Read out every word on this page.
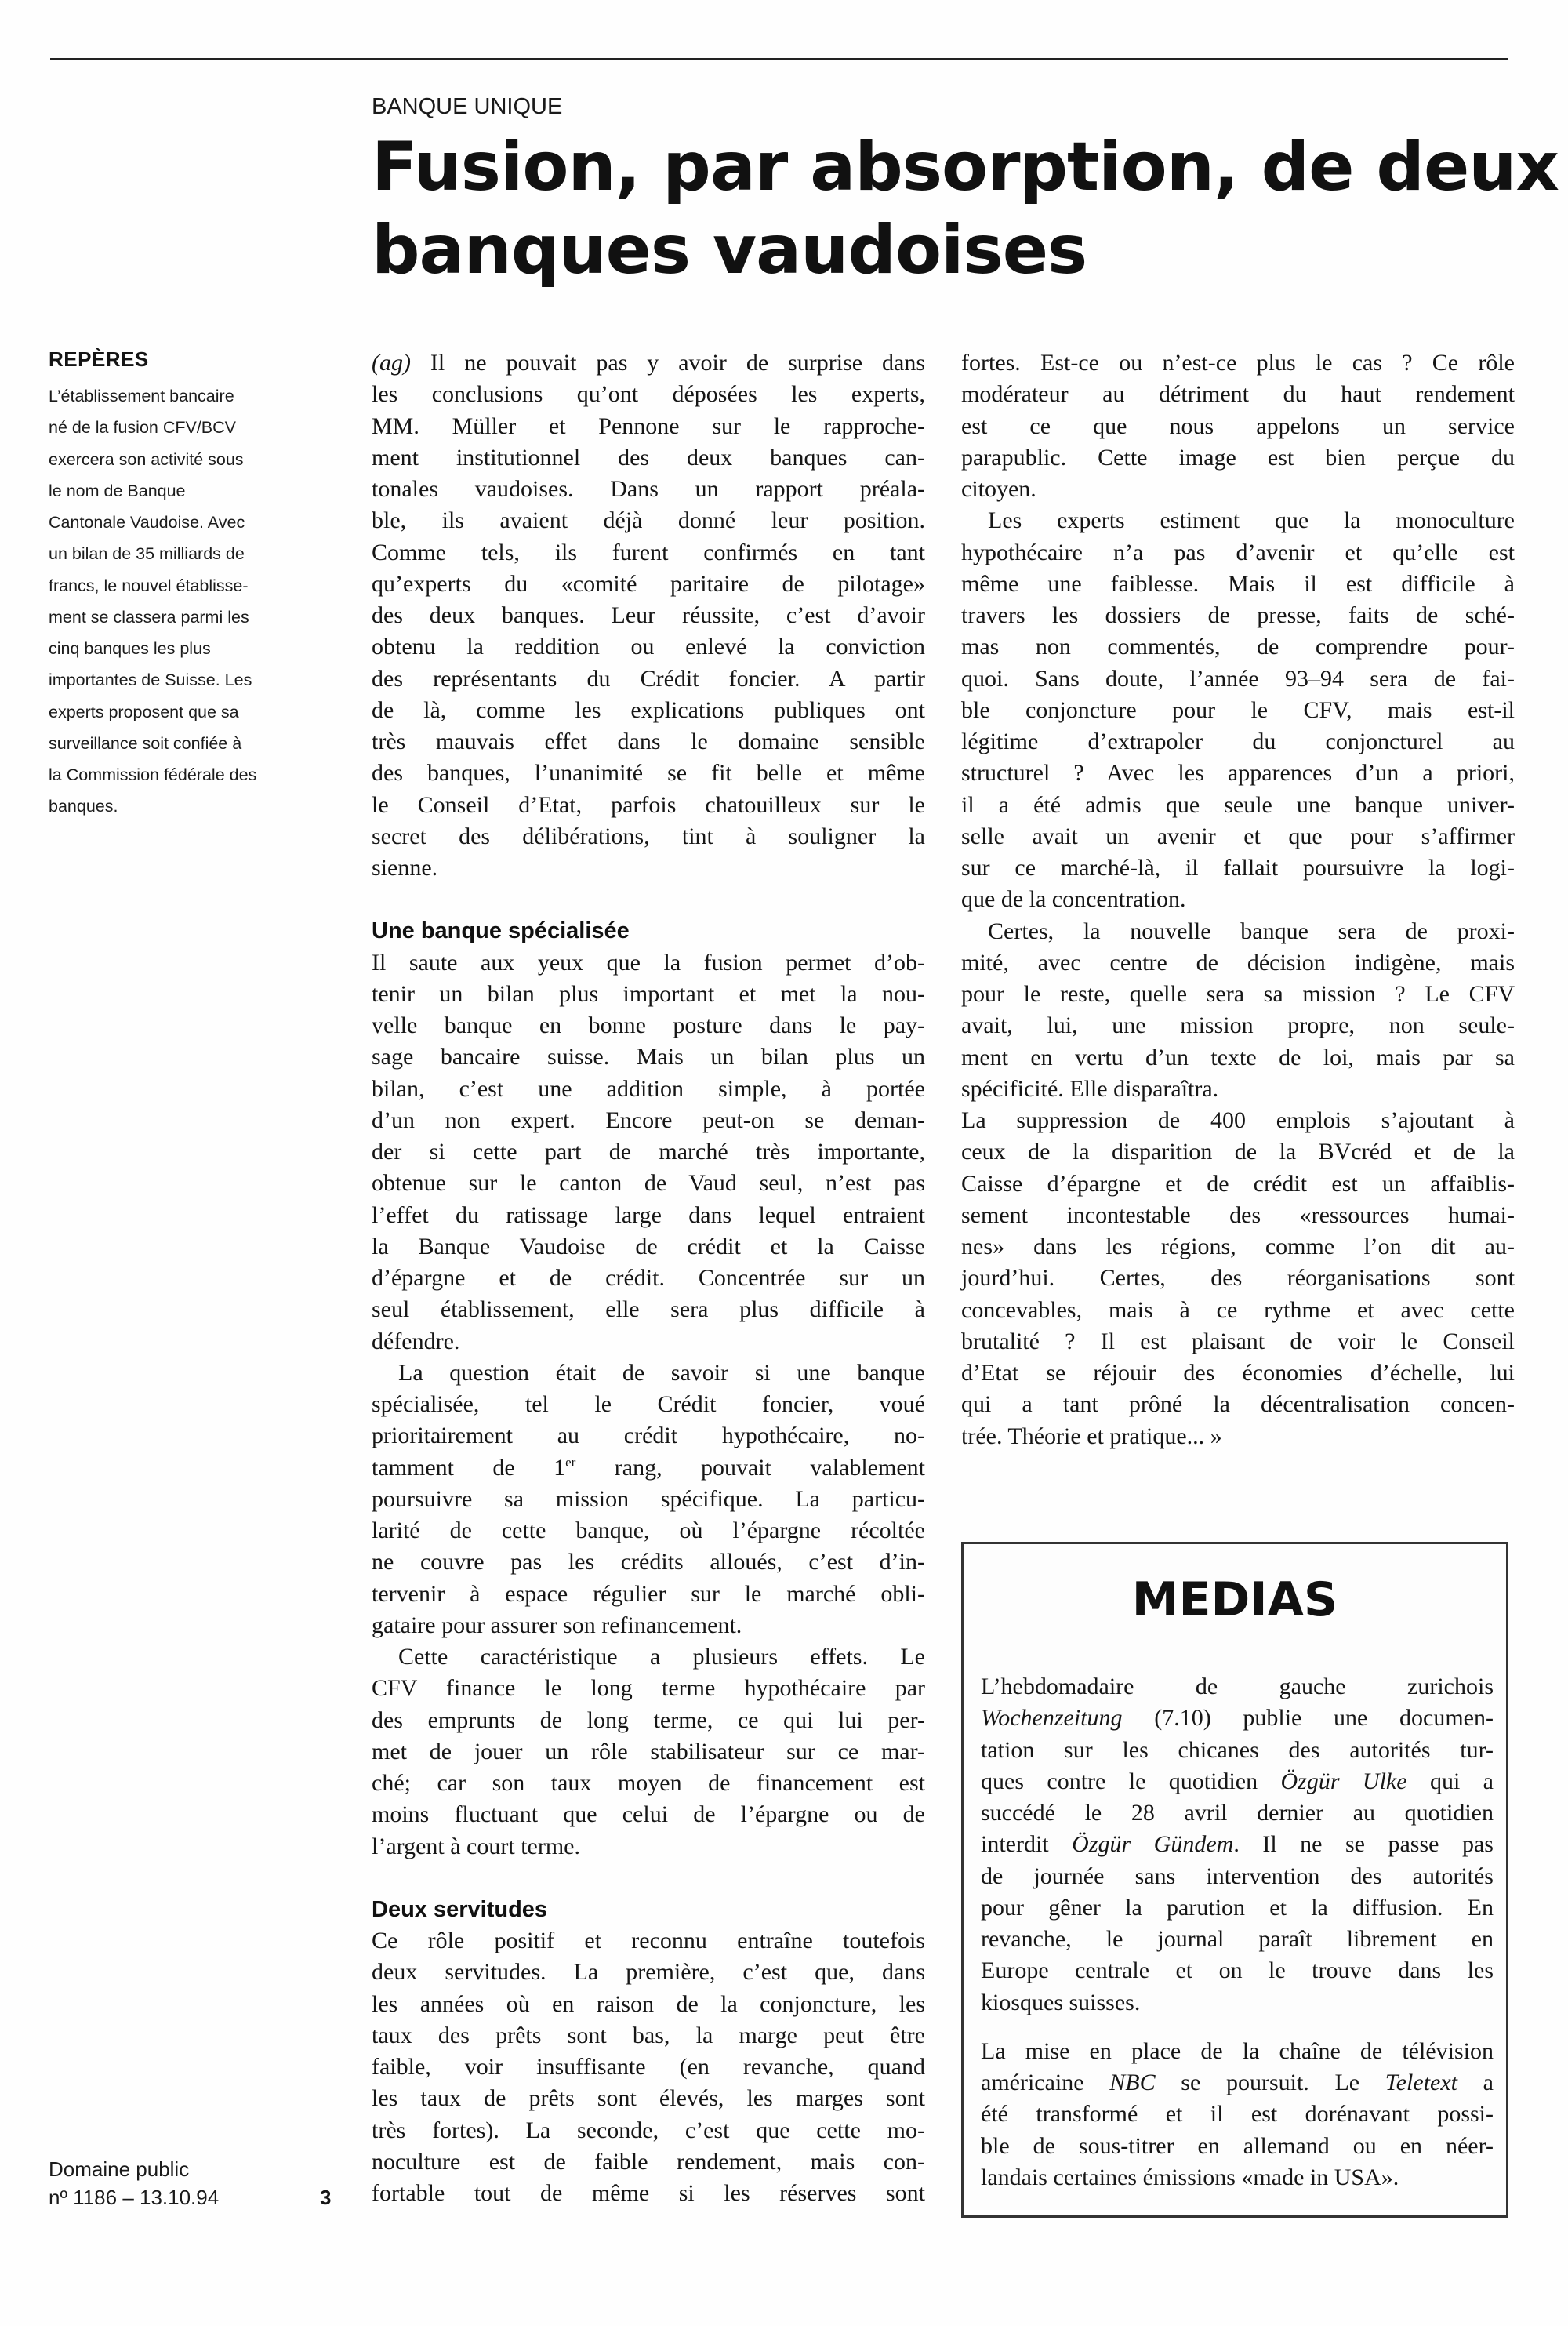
BANQUE UNIQUE
Fusion, par absorption, de deux
banques vaudoises
REPÈRES
L’établissement bancaire
né de la fusion CFV/BCV
exercera son activité sous
le nom de Banque
Cantonale Vaudoise. Avec
un bilan de 35 milliards de
francs, le nouvel établisse-
ment se classera parmi les
cinq banques les plus
importantes de Suisse. Les
experts proposent que sa
surveillance soit confiée à
la Commission fédérale des
banques.
(ag) Il ne pouvait pas y avoir de surprise dans
les conclusions qu’ont déposées les experts,
MM. Müller et Pennone sur le rapproche-
ment institutionnel des deux banques can-
tonales vaudoises. Dans un rapport préala-
ble, ils avaient déjà donné leur position.
Comme tels, ils furent confirmés en tant
qu’experts du «comité paritaire de pilotage»
des deux banques. Leur réussite, c’est d’avoir
obtenu la reddition ou enlevé la conviction
des représentants du Crédit foncier. A partir
de là, comme les explications publiques ont
très mauvais effet dans le domaine sensible
des banques, l’unanimité se fit belle et même
le Conseil d’Etat, parfois chatouilleux sur le
secret des délibérations, tint à souligner la
sienne.
Une banque spécialisée
Il saute aux yeux que la fusion permet d’ob-
tenir un bilan plus important et met la nou-
velle banque en bonne posture dans le pay-
sage bancaire suisse. Mais un bilan plus un
bilan, c’est une addition simple, à portée
d’un non expert. Encore peut-on se deman-
der si cette part de marché très importante,
obtenue sur le canton de Vaud seul, n’est pas
l’effet du ratissage large dans lequel entraient
la Banque Vaudoise de crédit et la Caisse
d’épargne et de crédit. Concentrée sur un
seul établissement, elle sera plus difficile à
défendre.
La question était de savoir si une banque
spécialisée, tel le Crédit foncier, voué
prioritairement au crédit hypothécaire, no-
tamment de 1er rang, pouvait valablement
poursuivre sa mission spécifique. La particu-
larité de cette banque, où l’épargne récoltée
ne couvre pas les crédits alloués, c’est d’in-
tervenir à espace régulier sur le marché obli-
gataire pour assurer son refinancement.
Cette caractéristique a plusieurs effets. Le
CFV finance le long terme hypothécaire par
des emprunts de long terme, ce qui lui per-
met de jouer un rôle stabilisateur sur ce mar-
ché; car son taux moyen de financement est
moins fluctuant que celui de l’épargne ou de
l’argent à court terme.
Deux servitudes
Ce rôle positif et reconnu entraîne toutefois
deux servitudes. La première, c’est que, dans
les années où en raison de la conjoncture, les
taux des prêts sont bas, la marge peut être
faible, voir insuffisante (en revanche, quand
les taux de prêts sont élevés, les marges sont
très fortes). La seconde, c’est que cette mo-
noculture est de faible rendement, mais con-
fortable tout de même si les réserves sont
fortes. Est-ce ou n’est-ce plus le cas ? Ce rôle
modérateur au détriment du haut rendement
est ce que nous appelons un service
parapublic. Cette image est bien perçue du
citoyen.
Les experts estiment que la monoculture
hypothécaire n’a pas d’avenir et qu’elle est
même une faiblesse. Mais il est difficile à
travers les dossiers de presse, faits de sché-
mas non commentés, de comprendre pour-
quoi. Sans doute, l’année 93–94 sera de fai-
ble conjoncture pour le CFV, mais est-il
légitime d’extrapoler du conjoncturel au
structurel ? Avec les apparences d’un a priori,
il a été admis que seule une banque univer-
selle avait un avenir et que pour s’affirmer
sur ce marché-là, il fallait poursuivre la logi-
que de la concentration.
Certes, la nouvelle banque sera de proxi-
mité, avec centre de décision indigène, mais
pour le reste, quelle sera sa mission ? Le CFV
avait, lui, une mission propre, non seule-
ment en vertu d’un texte de loi, mais par sa
spécificité. Elle disparaîtra.
La suppression de 400 emplois s’ajoutant à
ceux de la disparition de la BVcréd et de la
Caisse d’épargne et de crédit est un affaiblis-
sement incontestable des «ressources humai-
nes» dans les régions, comme l’on dit au-
jourd’hui. Certes, des réorganisations sont
concevables, mais à ce rythme et avec cette
brutalité ? Il est plaisant de voir le Conseil
d’Etat se réjouir des économies d’échelle, lui
qui a tant prôné la décentralisation concen-
trée. Théorie et pratique... »
MEDIAS
L’hebdomadaire de gauche zurichois
Wochenzeitung (7.10) publie une documen-
tation sur les chicanes des autorités tur-
ques contre le quotidien Özgür Ulke qui a
succédé le 28 avril dernier au quotidien
interdit Özgür Gündem. Il ne se passe pas
de journée sans intervention des autorités
pour gêner la parution et la diffusion. En
revanche, le journal paraît librement en
Europe centrale et on le trouve dans les
kiosques suisses.
La mise en place de la chaîne de télévision
américaine NBC se poursuit. Le Teletext a
été transformé et il est dorénavant possi-
ble de sous-titrer en allemand ou en néer-
landais certaines émissions «made in USA».
Domaine public
nº 1186 – 13.10.94	3
